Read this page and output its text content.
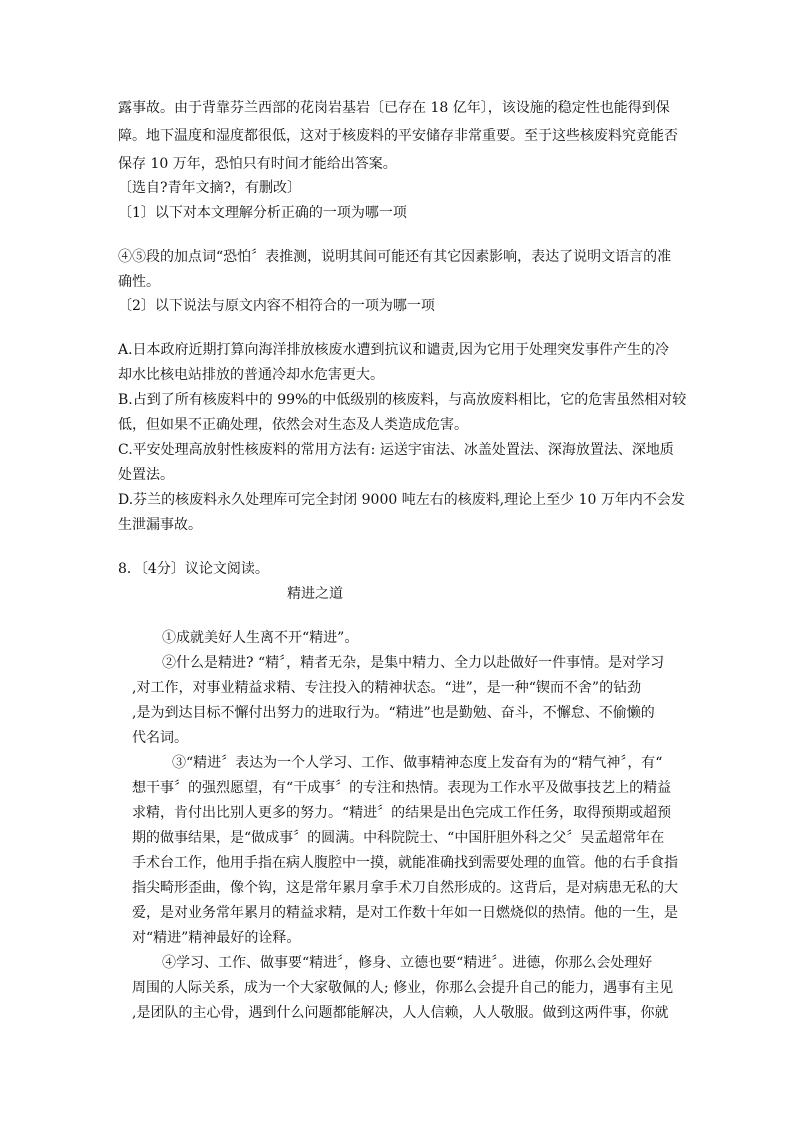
露事故。由于背靠芬兰西部的花岗岩基岩〔已存在 18 亿年〕，该设施的稳定性也能得到保
障。地下温度和湿度都很低，这对于核废料的平安储存非常重要。至于这些核废料究竟能否
保存 10 万年，恐怕只有时间才能给出答案。
〔选自?青年文摘?，有删改〕
〔1〕以下对本文理解分析正确的一项为哪一项
④⑤段的加点词“恐怕〞表推测，说明其间可能还有其它因素影响，表达了说明文语言的准
确性。
〔2〕以下说法与原文内容不相符合的一项为哪一项
A.日本政府近期打算向海洋排放核废水遭到抗议和谴责,因为它用于处理突发事件产生的冷
却水比核电站排放的普通冷却水危害更大。
B.占到了所有核废料中的 99%的中低级别的核废料，与高放废料相比，它的危害虽然相对较
低，但如果不正确处理，依然会对生态及人类造成危害。
C.平安处理高放射性核废料的常用方法有: 运送宇宙法、冰盖处置法、深海放置法、深地质
处置法。
D.芬兰的核废料永久处理库可完全封闭 9000 吨左右的核废料,理论上至少 10 万年内不会发
生泄漏事故。
8．〔4分〕议论文阅读。
精进之道
①成就美好人生离不开“精进”。
②什么是精进? “精〞，精者无杂，是集中精力、全力以赴做好一件事情。是对学习
,对工作，对事业精益求精、专注投入的精神状态。“进”，是一种“锲而不舍”的钻劲
,是为到达目标不懈付出努力的进取行为。“精进”也是勤勉、奋斗，不懈怠、不偷懒的
代名词。
③“精进〞表达为一个人学习、工作、做事精神态度上发奋有为的“精气神〞，有“
想干事〞的强烈愿望，有“干成事〞的专注和热情。表现为工作水平及做事技艺上的精益
求精，肯付出比别人更多的努力。“精进〞的结果是出色完成工作任务，取得预期或超预
期的做事结果，是“做成事〞的圆满。中科院院士、“中国肝胆外科之父〞吴孟超常年在
手术台工作，他用手指在病人腹腔中一摸，就能准确找到需要处理的血管。他的右手食指
指尖畸形歪曲，像个钩，这是常年累月拿手术刀自然形成的。这背后，是对病患无私的大
爱，是对业务常年累月的精益求精，是对工作数十年如一日燃烧似的热情。他的一生，是
对“精进”精神最好的诠释。
④学习、工作、做事要“精进〞，修身、立德也要“精进〞。进德，你那么会处理好
周围的人际关系，成为一个大家敬佩的人; 修业，你那么会提升自己的能力，遇事有主见
,是团队的主心骨，遇到什么问题都能解决，人人信赖，人人敬服。做到这两件事，你就
